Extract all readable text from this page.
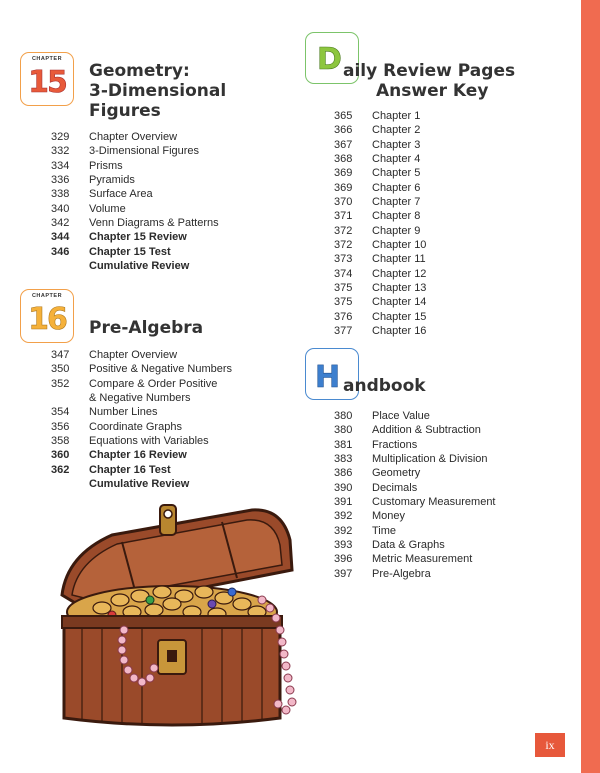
CHAPTER
15	Geometry:
3-Dimensional
Figures
329	Chapter Overview
332	3-Dimensional Figures
334	Prisms
336	Pyramids
338	Surface Area
340	Volume
342	Venn Diagrams & Patterns
344	Chapter 15 Review
346	Chapter 15 Test
Cumulative Review
CHAPTER
16	Pre-Algebra
347	Chapter Overview
350	Positive & Negative Numbers
352	Compare & Order Positive
& Negative Numbers
354	Number Lines
356	Coordinate Graphs
358	Equations with Variables
360	Chapter 16 Review
362	Chapter 16 Test
Cumulative Review
D aily Review Pages
Answer Key
365	Chapter 1
366	Chapter 2
367	Chapter 3
368	Chapter 4
369	Chapter 5
369	Chapter 6
370	Chapter 7
371	Chapter 8
372	Chapter 9
372	Chapter 10
373	Chapter 11
374	Chapter 12
375	Chapter 13
375	Chapter 14
376	Chapter 15
377	Chapter 16
H andbook
380	Place Value
380	Addition & Subtraction
381	Fractions
383	Multiplication & Division
386	Geometry
390	Decimals
391	Customary Measurement
392	Money
392	Time
393	Data & Graphs
396	Metric Measurement
397	Pre-Algebra
ix
